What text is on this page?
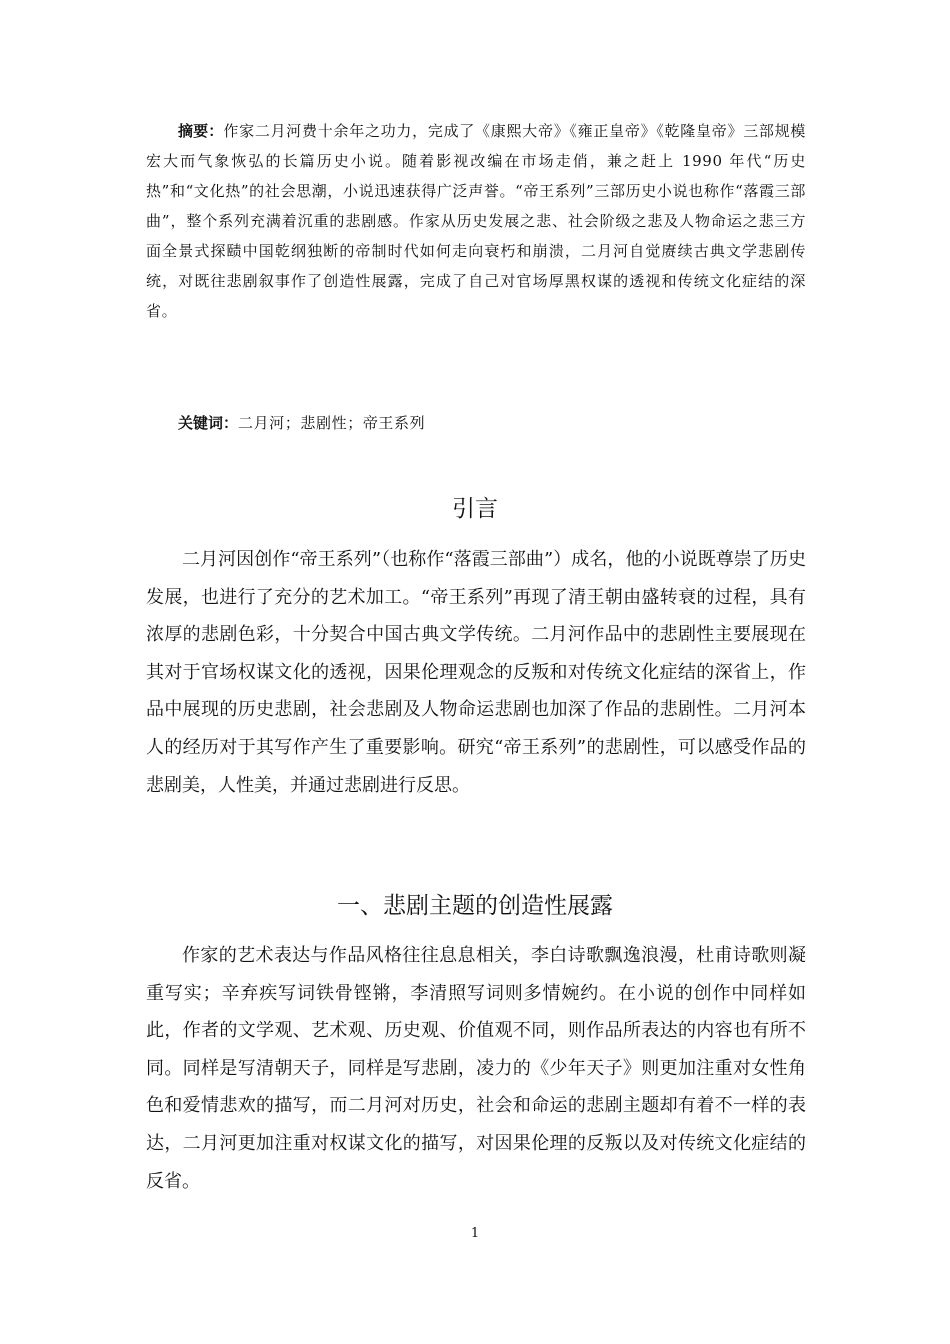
摘要：作家二月河费十余年之功力，完成了《康熙大帝》《雍正皇帝》《乾隆皇帝》三部规模宏大而气象恢弘的长篇历史小说。随着影视改编在市场走俏，兼之赶上 1990 年代“历史热”和“文化热”的社会思潮，小说迅速获得广泛声誉。“帝王系列”三部历史小说也称作“落霞三部曲”，整个系列充满着沉重的悲剧感。作家从历史发展之悲、社会阶级之悲及人物命运之悲三方面全景式探赜中国乾纲独断的帝制时代如何走向衰朽和崩溃，二月河自觉赓续古典文学悲剧传统，对既往悲剧叙事作了创造性展露，完成了自己对官场厚黑权谋的透视和传统文化症结的深省。
关键词：二月河；悲剧性；帝王系列
引言
二月河因创作“帝王系列”（也称作“落霞三部曲”）成名，他的小说既尊崇了历史发展，也进行了充分的艺术加工。“帝王系列”再现了清王朝由盛转衰的过程，具有浓厚的悲剧色彩，十分契合中国古典文学传统。二月河作品中的悲剧性主要展现在其对于官场权谋文化的透视，因果伦理观念的反叛和对传统文化症结的深省上，作品中展现的历史悲剧，社会悲剧及人物命运悲剧也加深了作品的悲剧性。二月河本人的经历对于其写作产生了重要影响。研究“帝王系列”的悲剧性，可以感受作品的悲剧美，人性美，并通过悲剧进行反思。
一、悲剧主题的创造性展露
作家的艺术表达与作品风格往往息息相关，李白诗歌飘逸浪漫，杜甫诗歌则凝重写实；辛弃疾写词铁骨铿锵，李清照写词则多情婉约。在小说的创作中同样如此，作者的文学观、艺术观、历史观、价值观不同，则作品所表达的内容也有所不同。同样是写清朝天子，同样是写悲剧，凌力的《少年天子》则更加注重对女性角色和爱情悲欢的描写，而二月河对历史，社会和命运的悲剧主题却有着不一样的表达，二月河更加注重对权谋文化的描写，对因果伦理的反叛以及对传统文化症结的反省。
1
